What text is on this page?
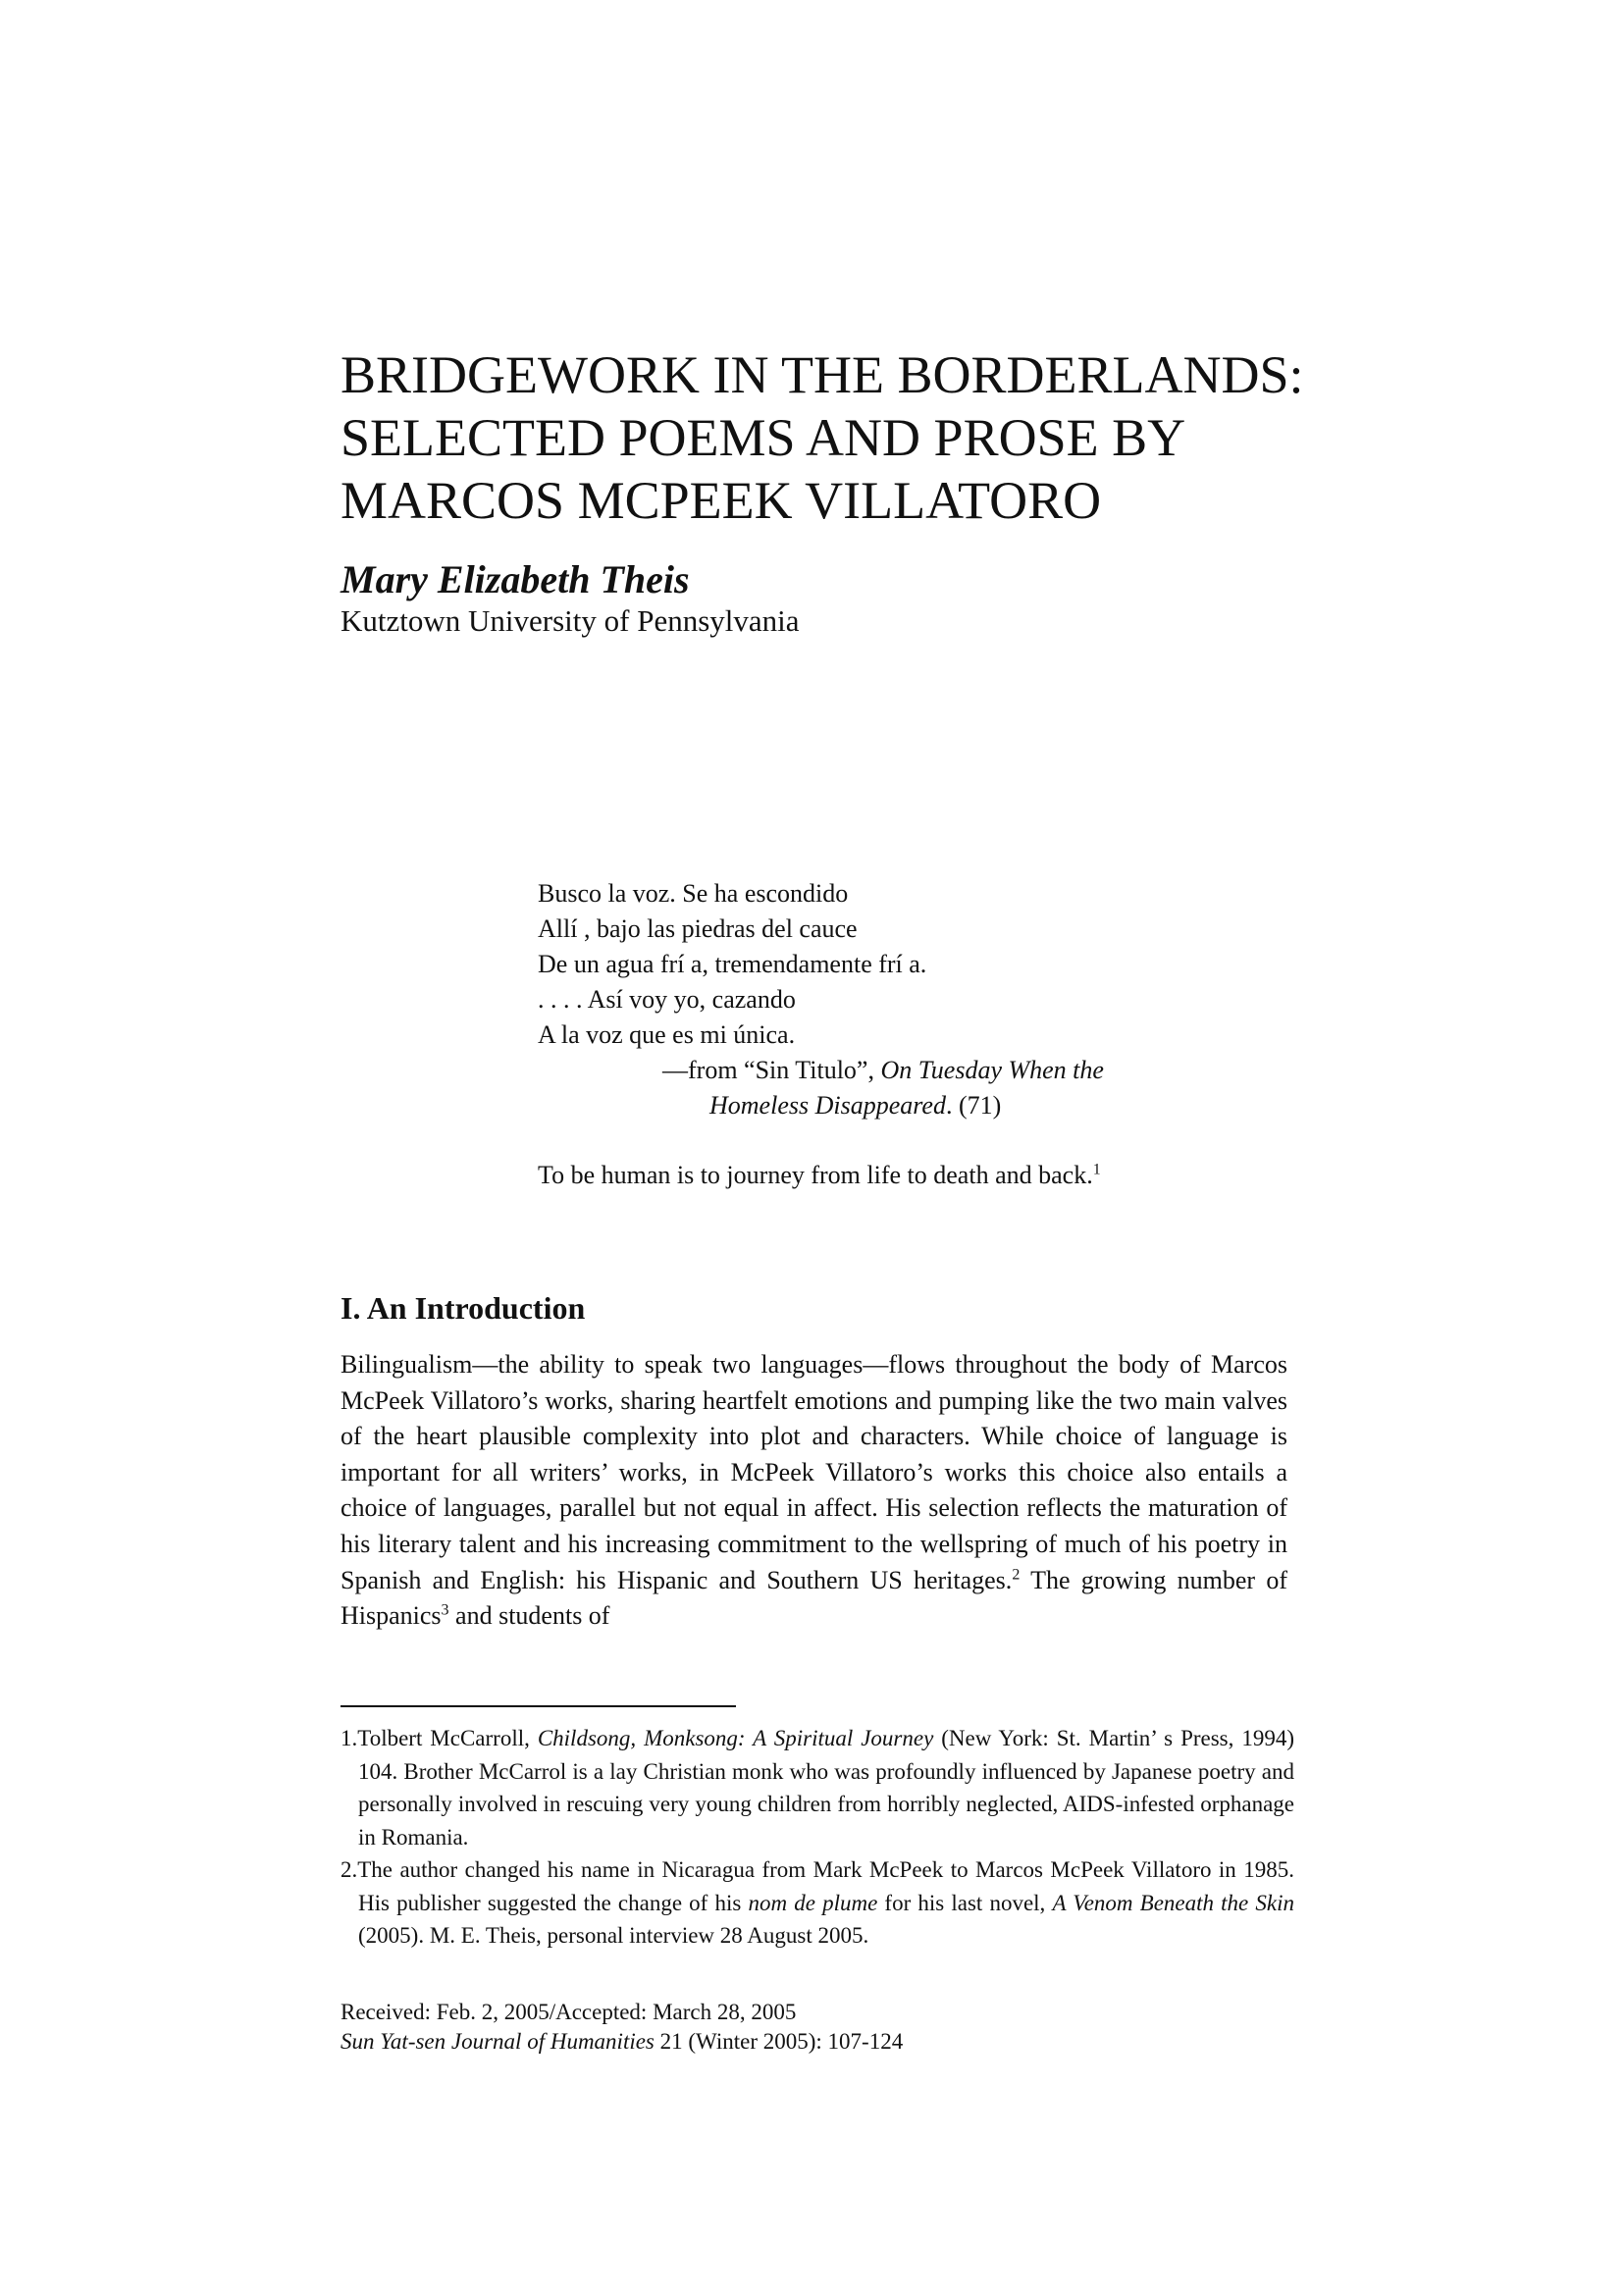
BRIDGEWORK IN THE BORDERLANDS:
SELECTED POEMS AND PROSE BY
MARCOS MCPEEK VILLATORO
Mary Elizabeth Theis
Kutztown University of Pennsylvania
Busco la voz. Se ha escondido
Allí , bajo las piedras del cauce
De un agua frí a, tremendamente frí a.
. . . . Así voy yo, cazando
A la voz que es mi única.
—from “Sin Titulo”, On Tuesday When the
Homeless Disappeared. (71)
To be human is to journey from life to death and back.$^1$
I. An Introduction
Bilingualism—the ability to speak two languages—flows throughout the body of Marcos McPeek Villatoro’s works, sharing heartfelt emotions and pumping like the two main valves of the heart plausible complexity into plot and characters. While choice of language is important for all writers’ works, in McPeek Villatoro’s works this choice also entails a choice of languages, parallel but not equal in affect. His selection reflects the maturation of his literary talent and his increasing commitment to the wellspring of much of his poetry in Spanish and English: his Hispanic and Southern US heritages.$^2$ The growing number of Hispanics$^3$ and students of
1.Tolbert McCarroll, Childsong, Monksong: A Spiritual Journey (New York: St. Martin’ s Press, 1994) 104. Brother McCarrol is a lay Christian monk who was profoundly influenced by Japanese poetry and personally involved in rescuing very young children from horribly neglected, AIDS-infested orphanage in Romania.
2.The author changed his name in Nicaragua from Mark McPeek to Marcos McPeek Villatoro in 1985. His publisher suggested the change of his nom de plume for his last novel, A Venom Beneath the Skin (2005). M. E. Theis, personal interview 28 August 2005.
Received: Feb. 2, 2005/Accepted: March 28, 2005
Sun Yat-sen Journal of Humanities 21 (Winter 2005): 107-124
